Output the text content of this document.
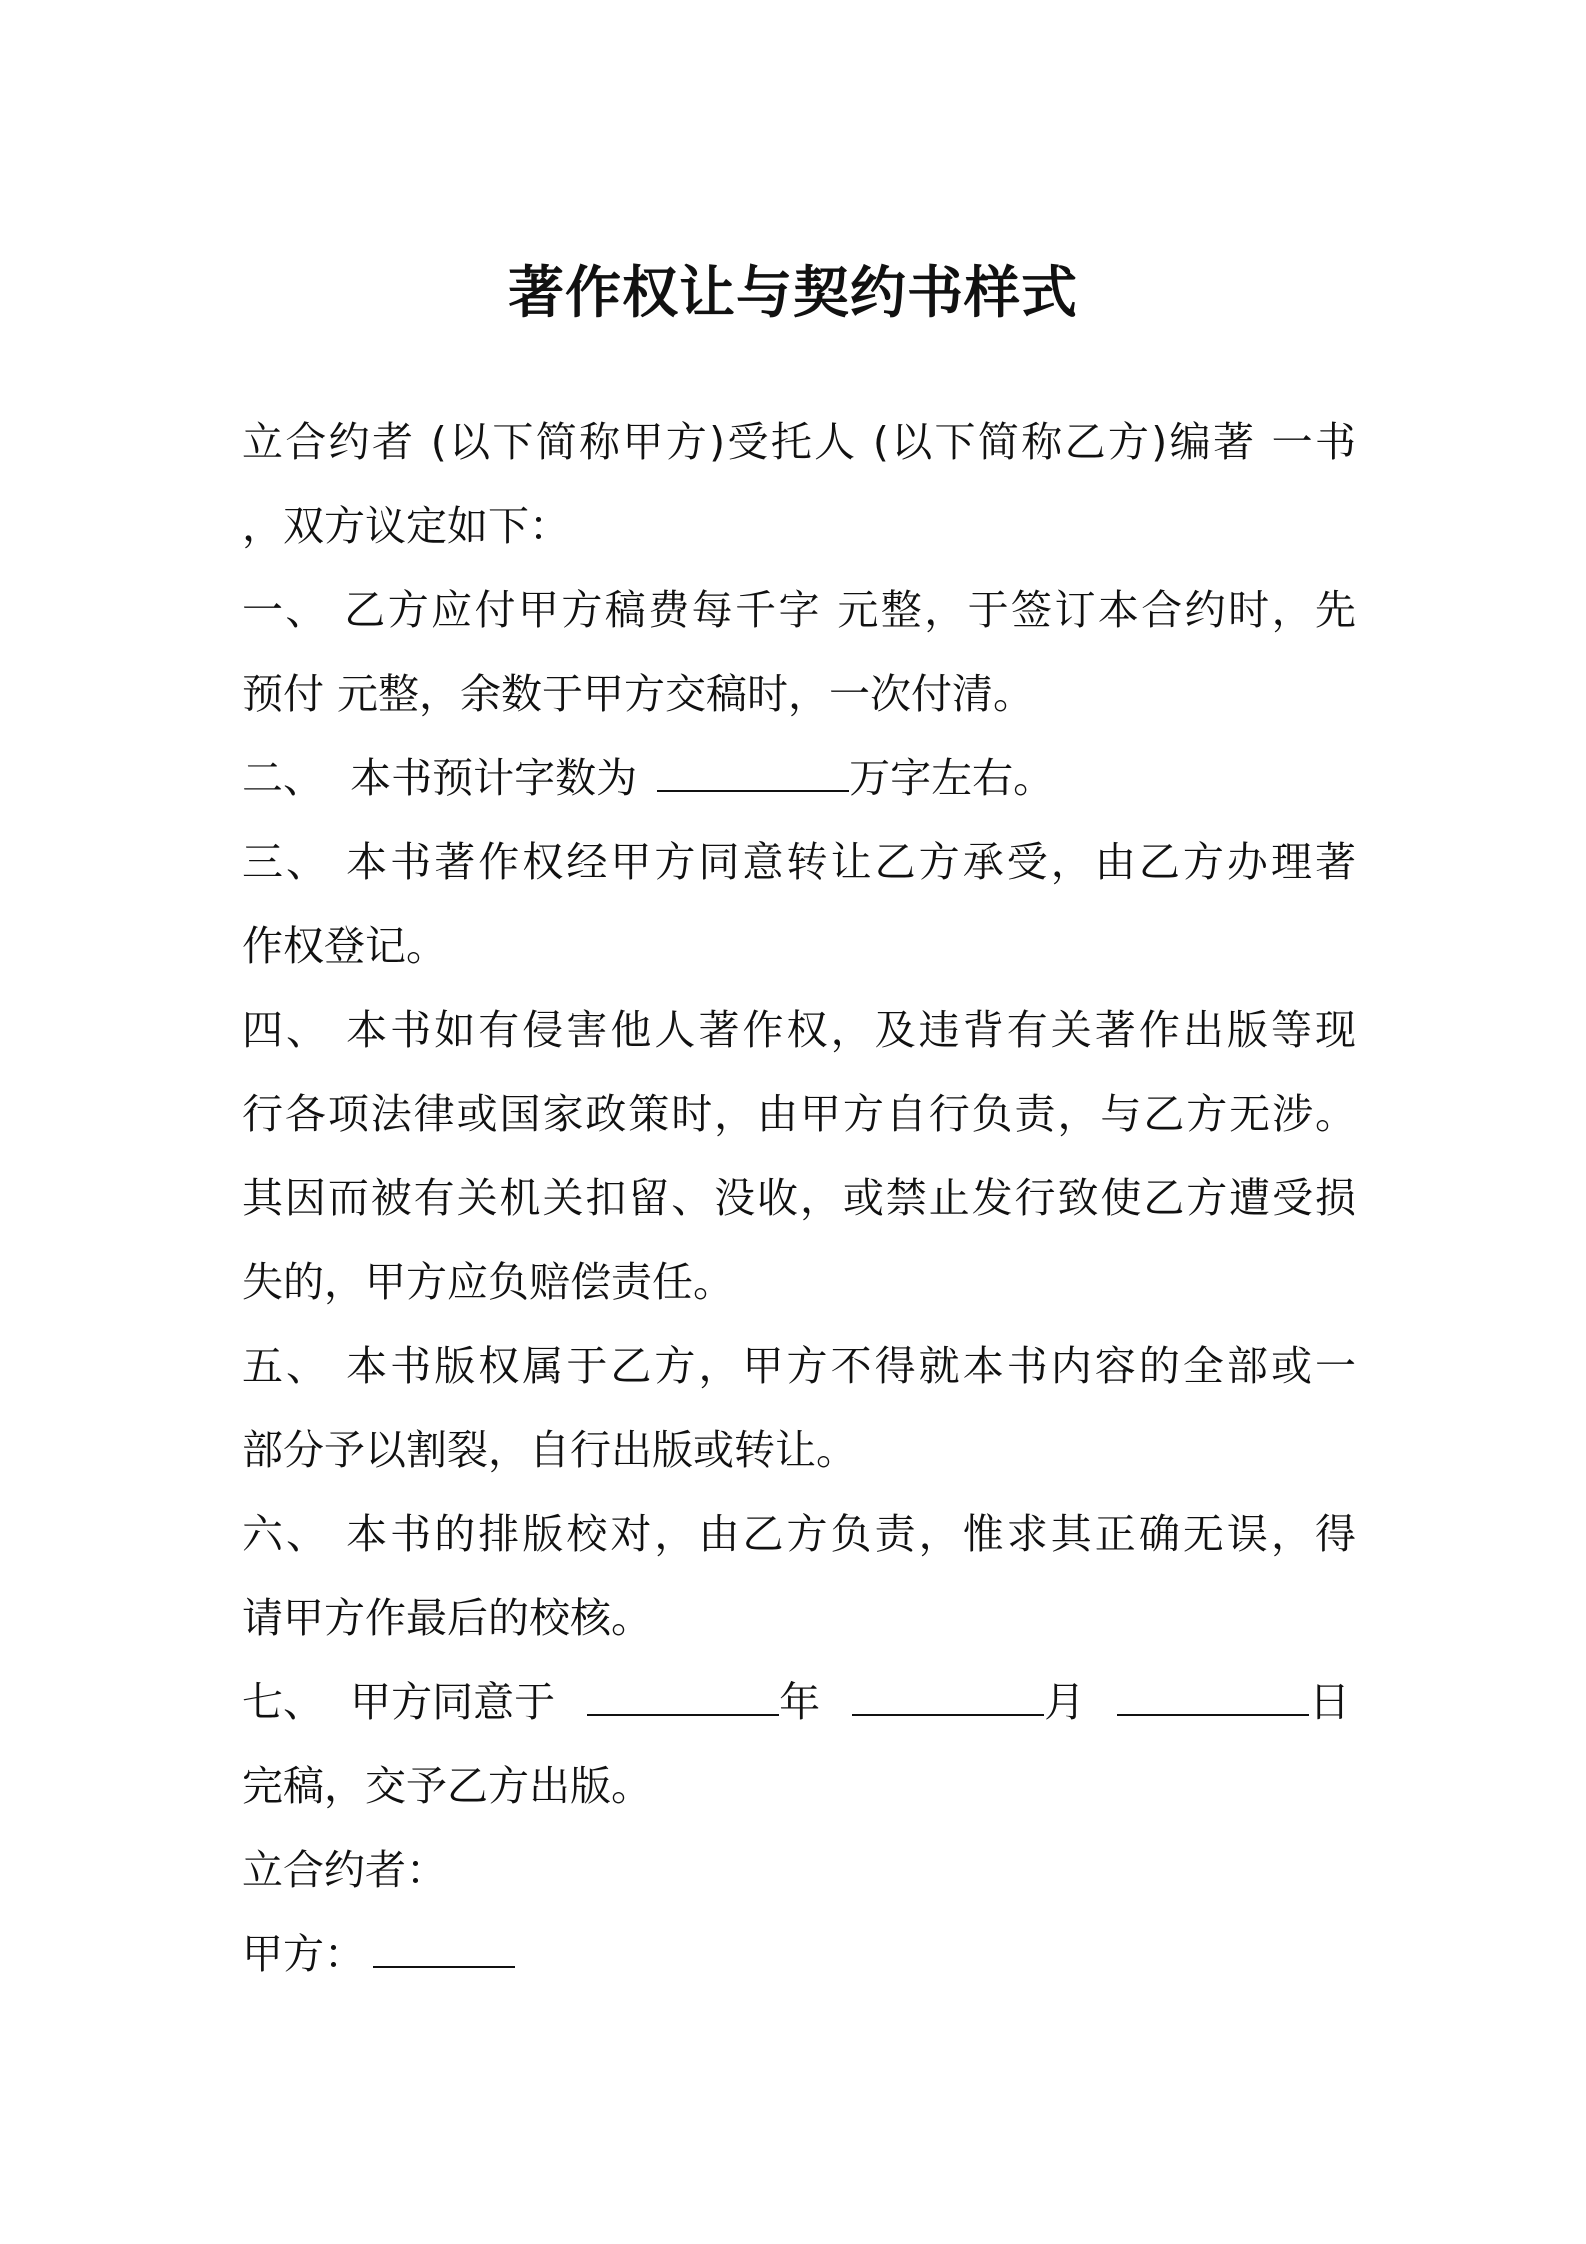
著作权让与契约书样式
立合约者 (以下简称甲方)受托人 (以下简称乙方)编著 一书
，双方议定如下：
一、 乙方应付甲方稿费每千字 元整，于签订本合约时，先
预付 元整，余数于甲方交稿时，一次付清。
二、  本书预计字数为	万字左右。
三、 本书著作权经甲方同意转让乙方承受，由乙方办理著
作权登记。
四、 本书如有侵害他人著作权，及违背有关著作出版等现
行各项法律或国家政策时，由甲方自行负责，与乙方无涉。
其因而被有关机关扣留、没收，或禁止发行致使乙方遭受损
失的，甲方应负赔偿责任。
五、 本书版权属于乙方，甲方不得就本书内容的全部或一
部分予以割裂，自行出版或转让。
六、 本书的排版校对，由乙方负责，惟求其正确无误，得
请甲方作最后的校核。
七、  甲方同意于	年	月	日
完稿，交予乙方出版。
立合约者：
甲方：
